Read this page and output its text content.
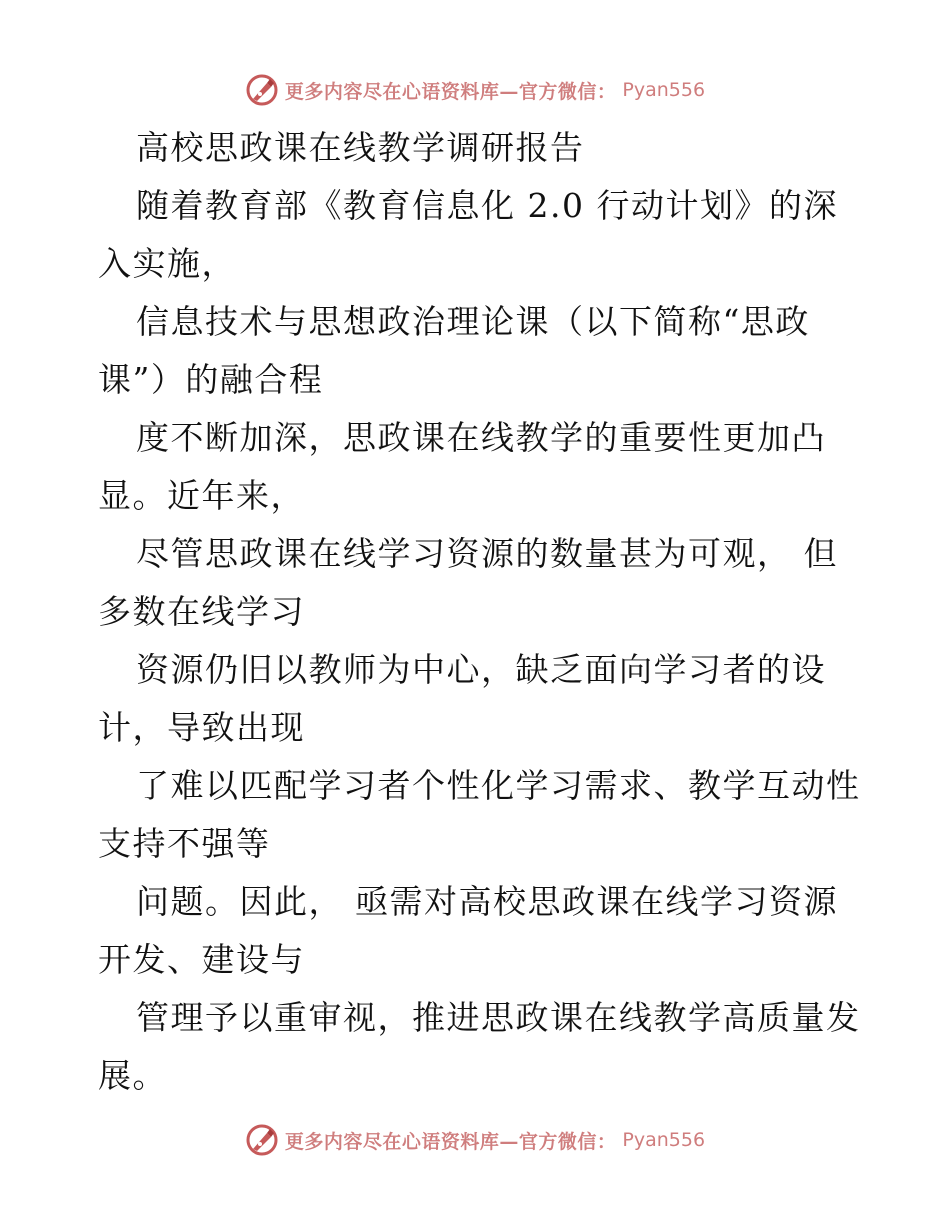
更多内容尽在心语资料库—官方微信： Pyan556
高校思政课在线教学调研报告
随着教育部《教育信息化 2.0 行动计划》的深
入实施，
信息技术与思想政治理论课（以下简称“思政
课”）的融合程
度不断加深，思政课在线教学的重要性更加凸
显。近年来，
尽管思政课在线学习资源的数量甚为可观， 但
多数在线学习
资源仍旧以教师为中心，缺乏面向学习者的设
计，导致出现
了难以匹配学习者个性化学习需求、教学互动性
支持不强等
问题。因此， 亟需对高校思政课在线学习资源
开发、建设与
管理予以重审视，推进思政课在线教学高质量发
展。
更多内容尽在心语资料库—官方微信： Pyan556
